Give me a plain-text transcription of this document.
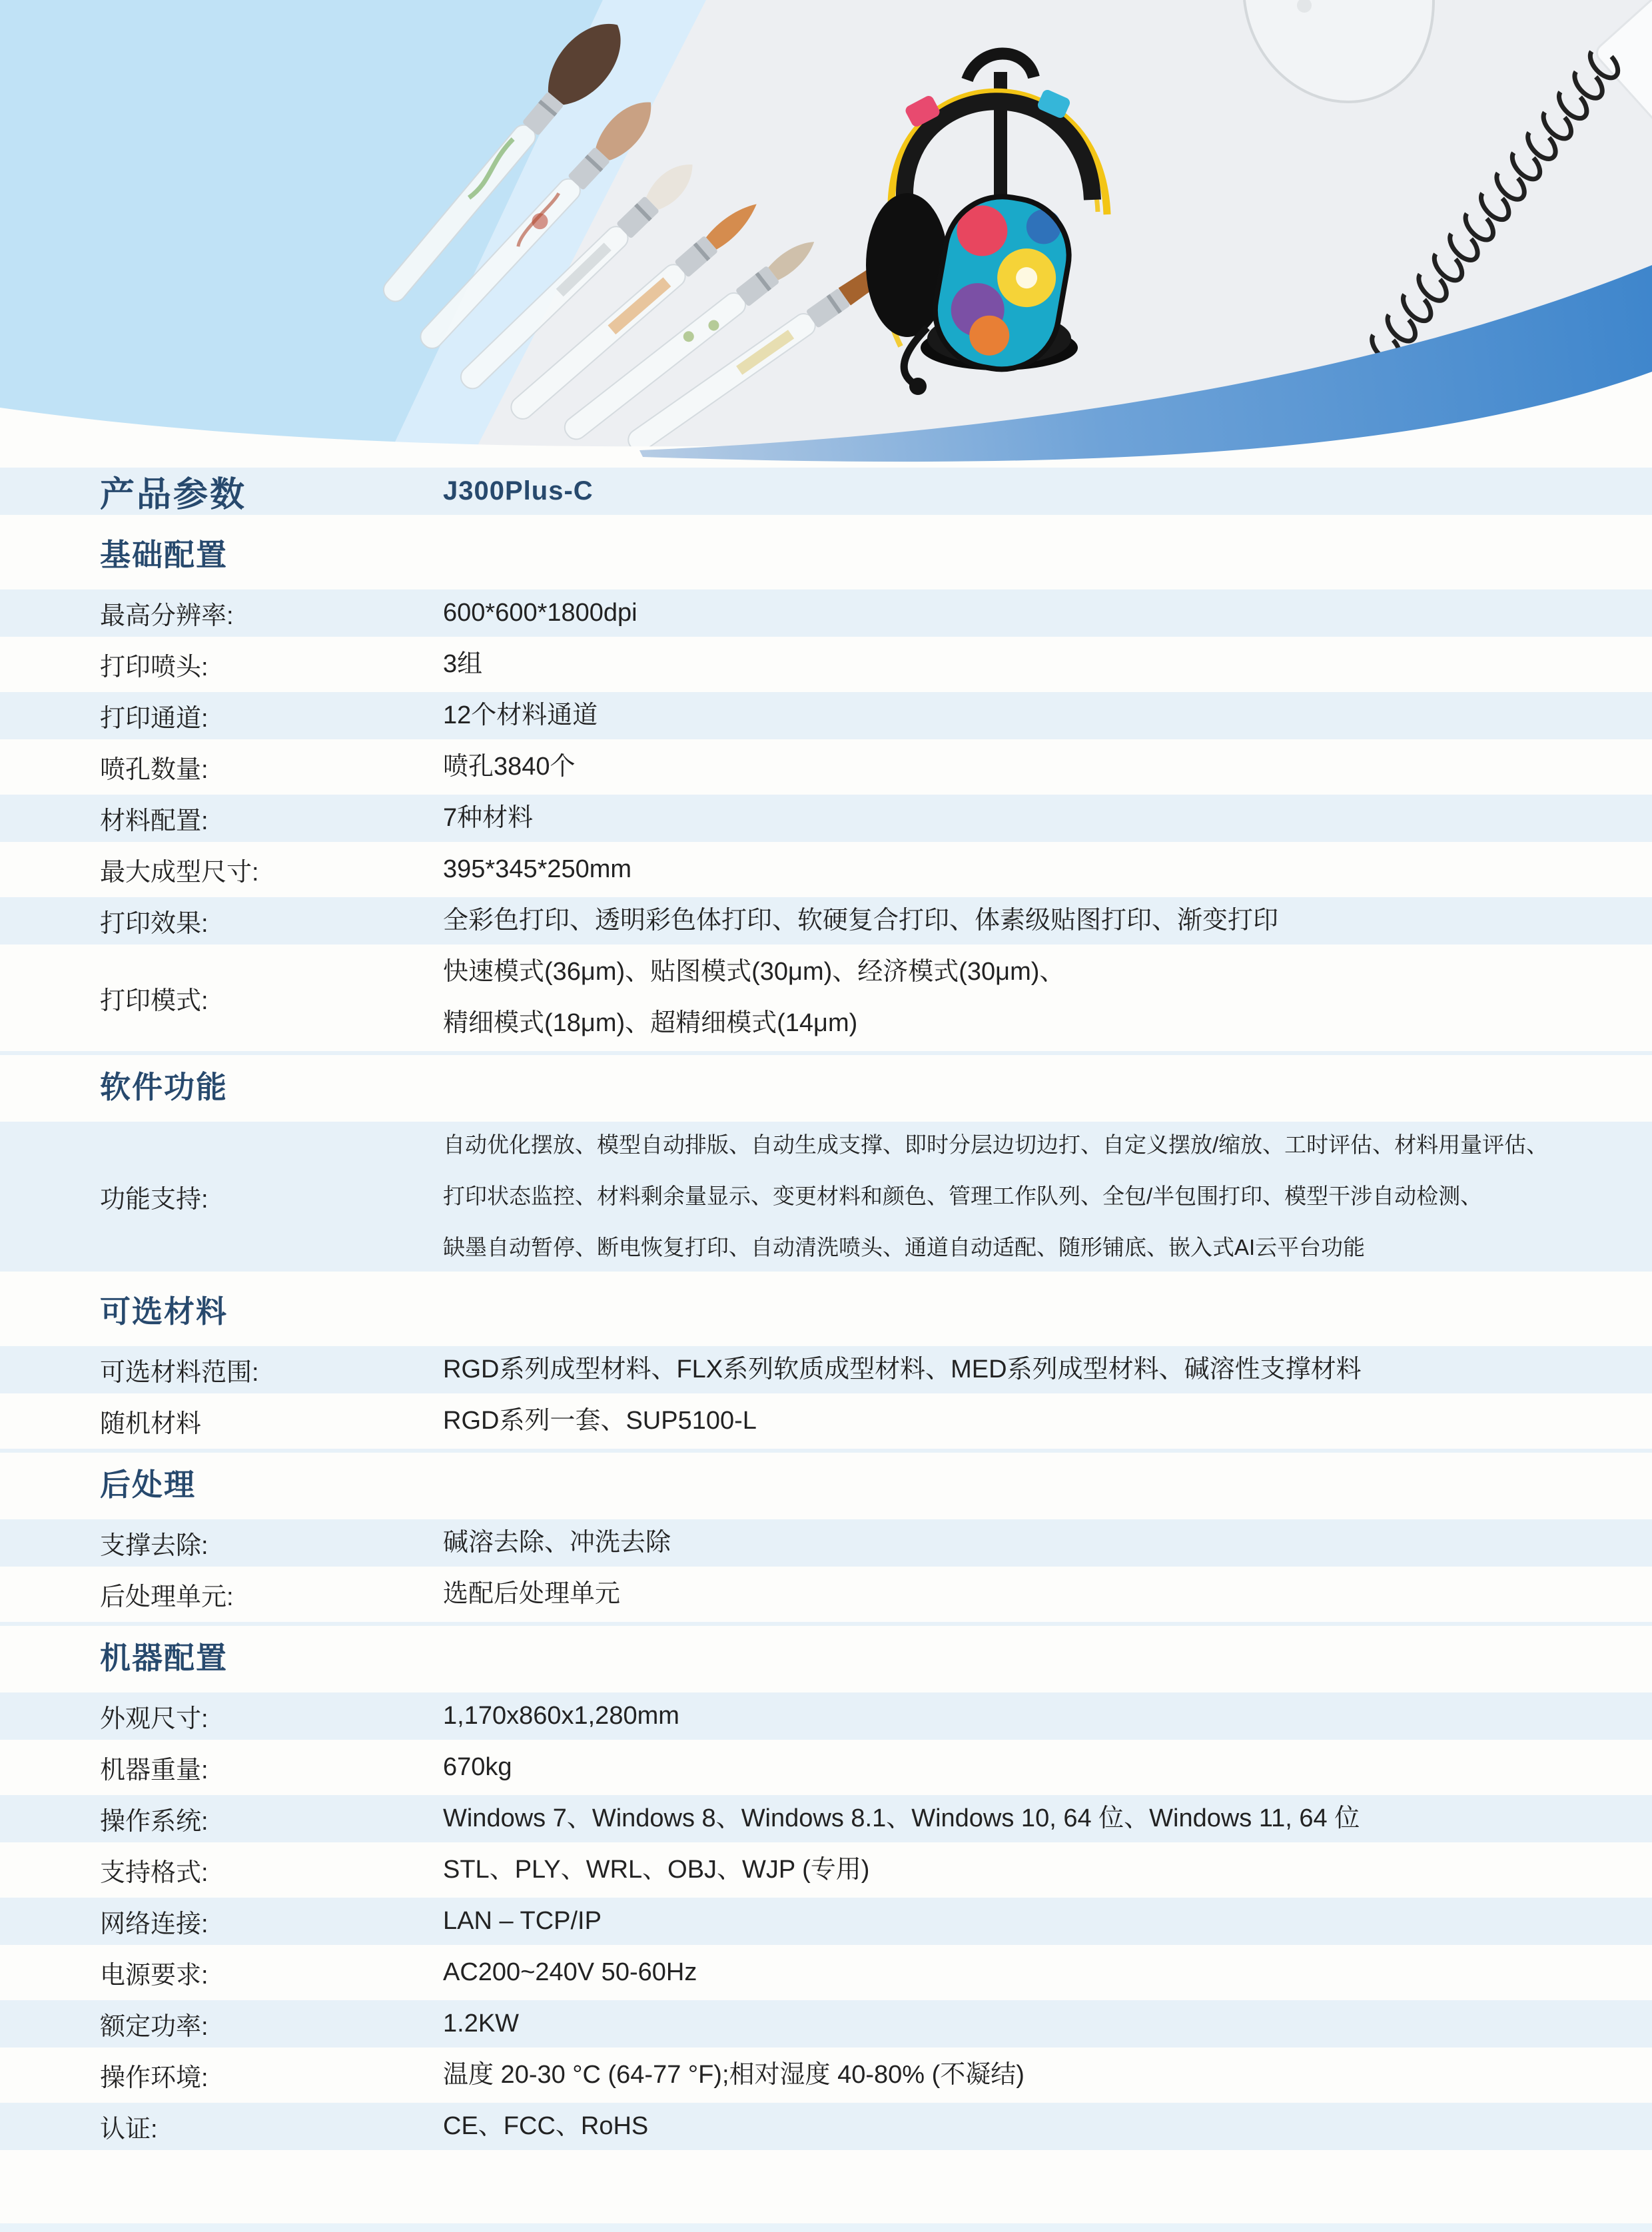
产品参数	J300Plus-C
基础配置
最高分辨率:	600*600*1800dpi
打印喷头:	3组
打印通道:	12个材料通道
喷孔数量:	喷孔3840个
材料配置:	7种材料
最大成型尺寸:	395*345*250mm
打印效果:	全彩色打印、透明彩色体打印、软硬复合打印、体素级贴图打印、渐变打印
打印模式:
快速模式(36μm)、贴图模式(30μm)、经济模式(30μm)、
精细模式(18μm)、超精细模式(14μm)
软件功能
功能支持:
自动优化摆放、模型自动排版、自动生成支撑、即时分层边切边打、自定义摆放/缩放、工时评估、材料用量评估、
打印状态监控、材料剩余量显示、变更材料和颜色、管理工作队列、全包/半包围打印、模型干涉自动检测、
缺墨自动暂停、断电恢复打印、自动清洗喷头、通道自动适配、随形铺底、嵌入式AI云平台功能
可选材料
可选材料范围:	RGD系列成型材料、FLX系列软质成型材料、MED系列成型材料、碱溶性支撑材料
随机材料	RGD系列一套、SUP5100-L
后处理
支撑去除:	碱溶去除、冲洗去除
后处理单元:	选配后处理单元
机器配置
外观尺寸:	1,170x860x1,280mm
机器重量:	670kg
操作系统:	Windows 7、Windows 8、Windows 8.1、Windows 10, 64 位、Windows 11, 64 位
支持格式:	STL、PLY、WRL、OBJ、WJP (专用)
网络连接:	LAN – TCP/IP
电源要求:	AC200~240V 50-60Hz
额定功率:	1.2KW
操作环境:	温度 20-30 °C (64-77 °F);相对湿度 40-80% (不凝结)
认证:	CE、FCC、RoHS
